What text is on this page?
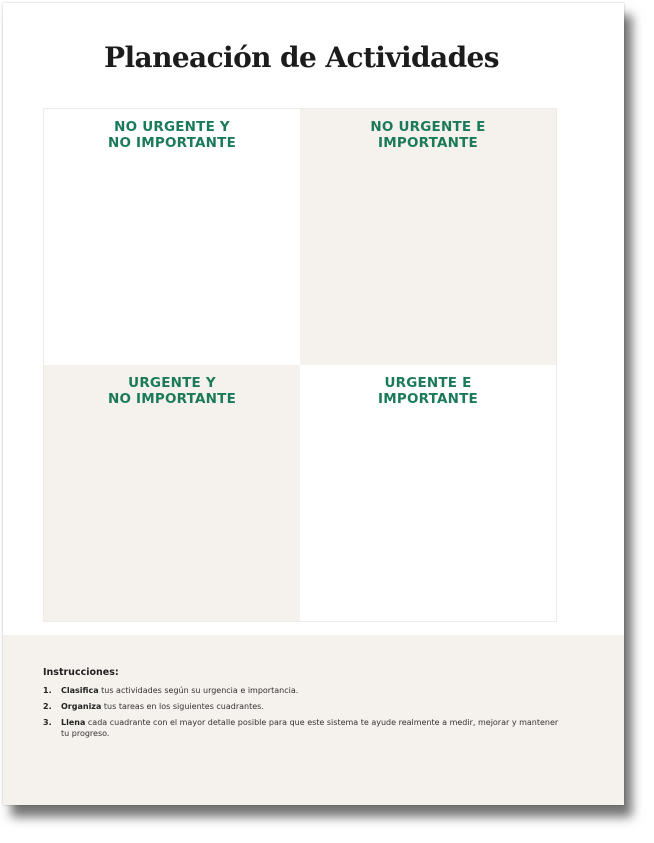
Planeación de Actividades
NO URGENTE Y
NO IMPORTANTE
NO URGENTE E
IMPORTANTE
URGENTE Y
NO IMPORTANTE
URGENTE E
IMPORTANTE
Instrucciones:
1. Clasifica tus actividades según su urgencia e importancia.
2. Organiza tus tareas en los siguientes cuadrantes.
3. Llena cada cuadrante con el mayor detalle posible para que este sistema te ayude realmente a medir, mejorar y mantener tu progreso.
